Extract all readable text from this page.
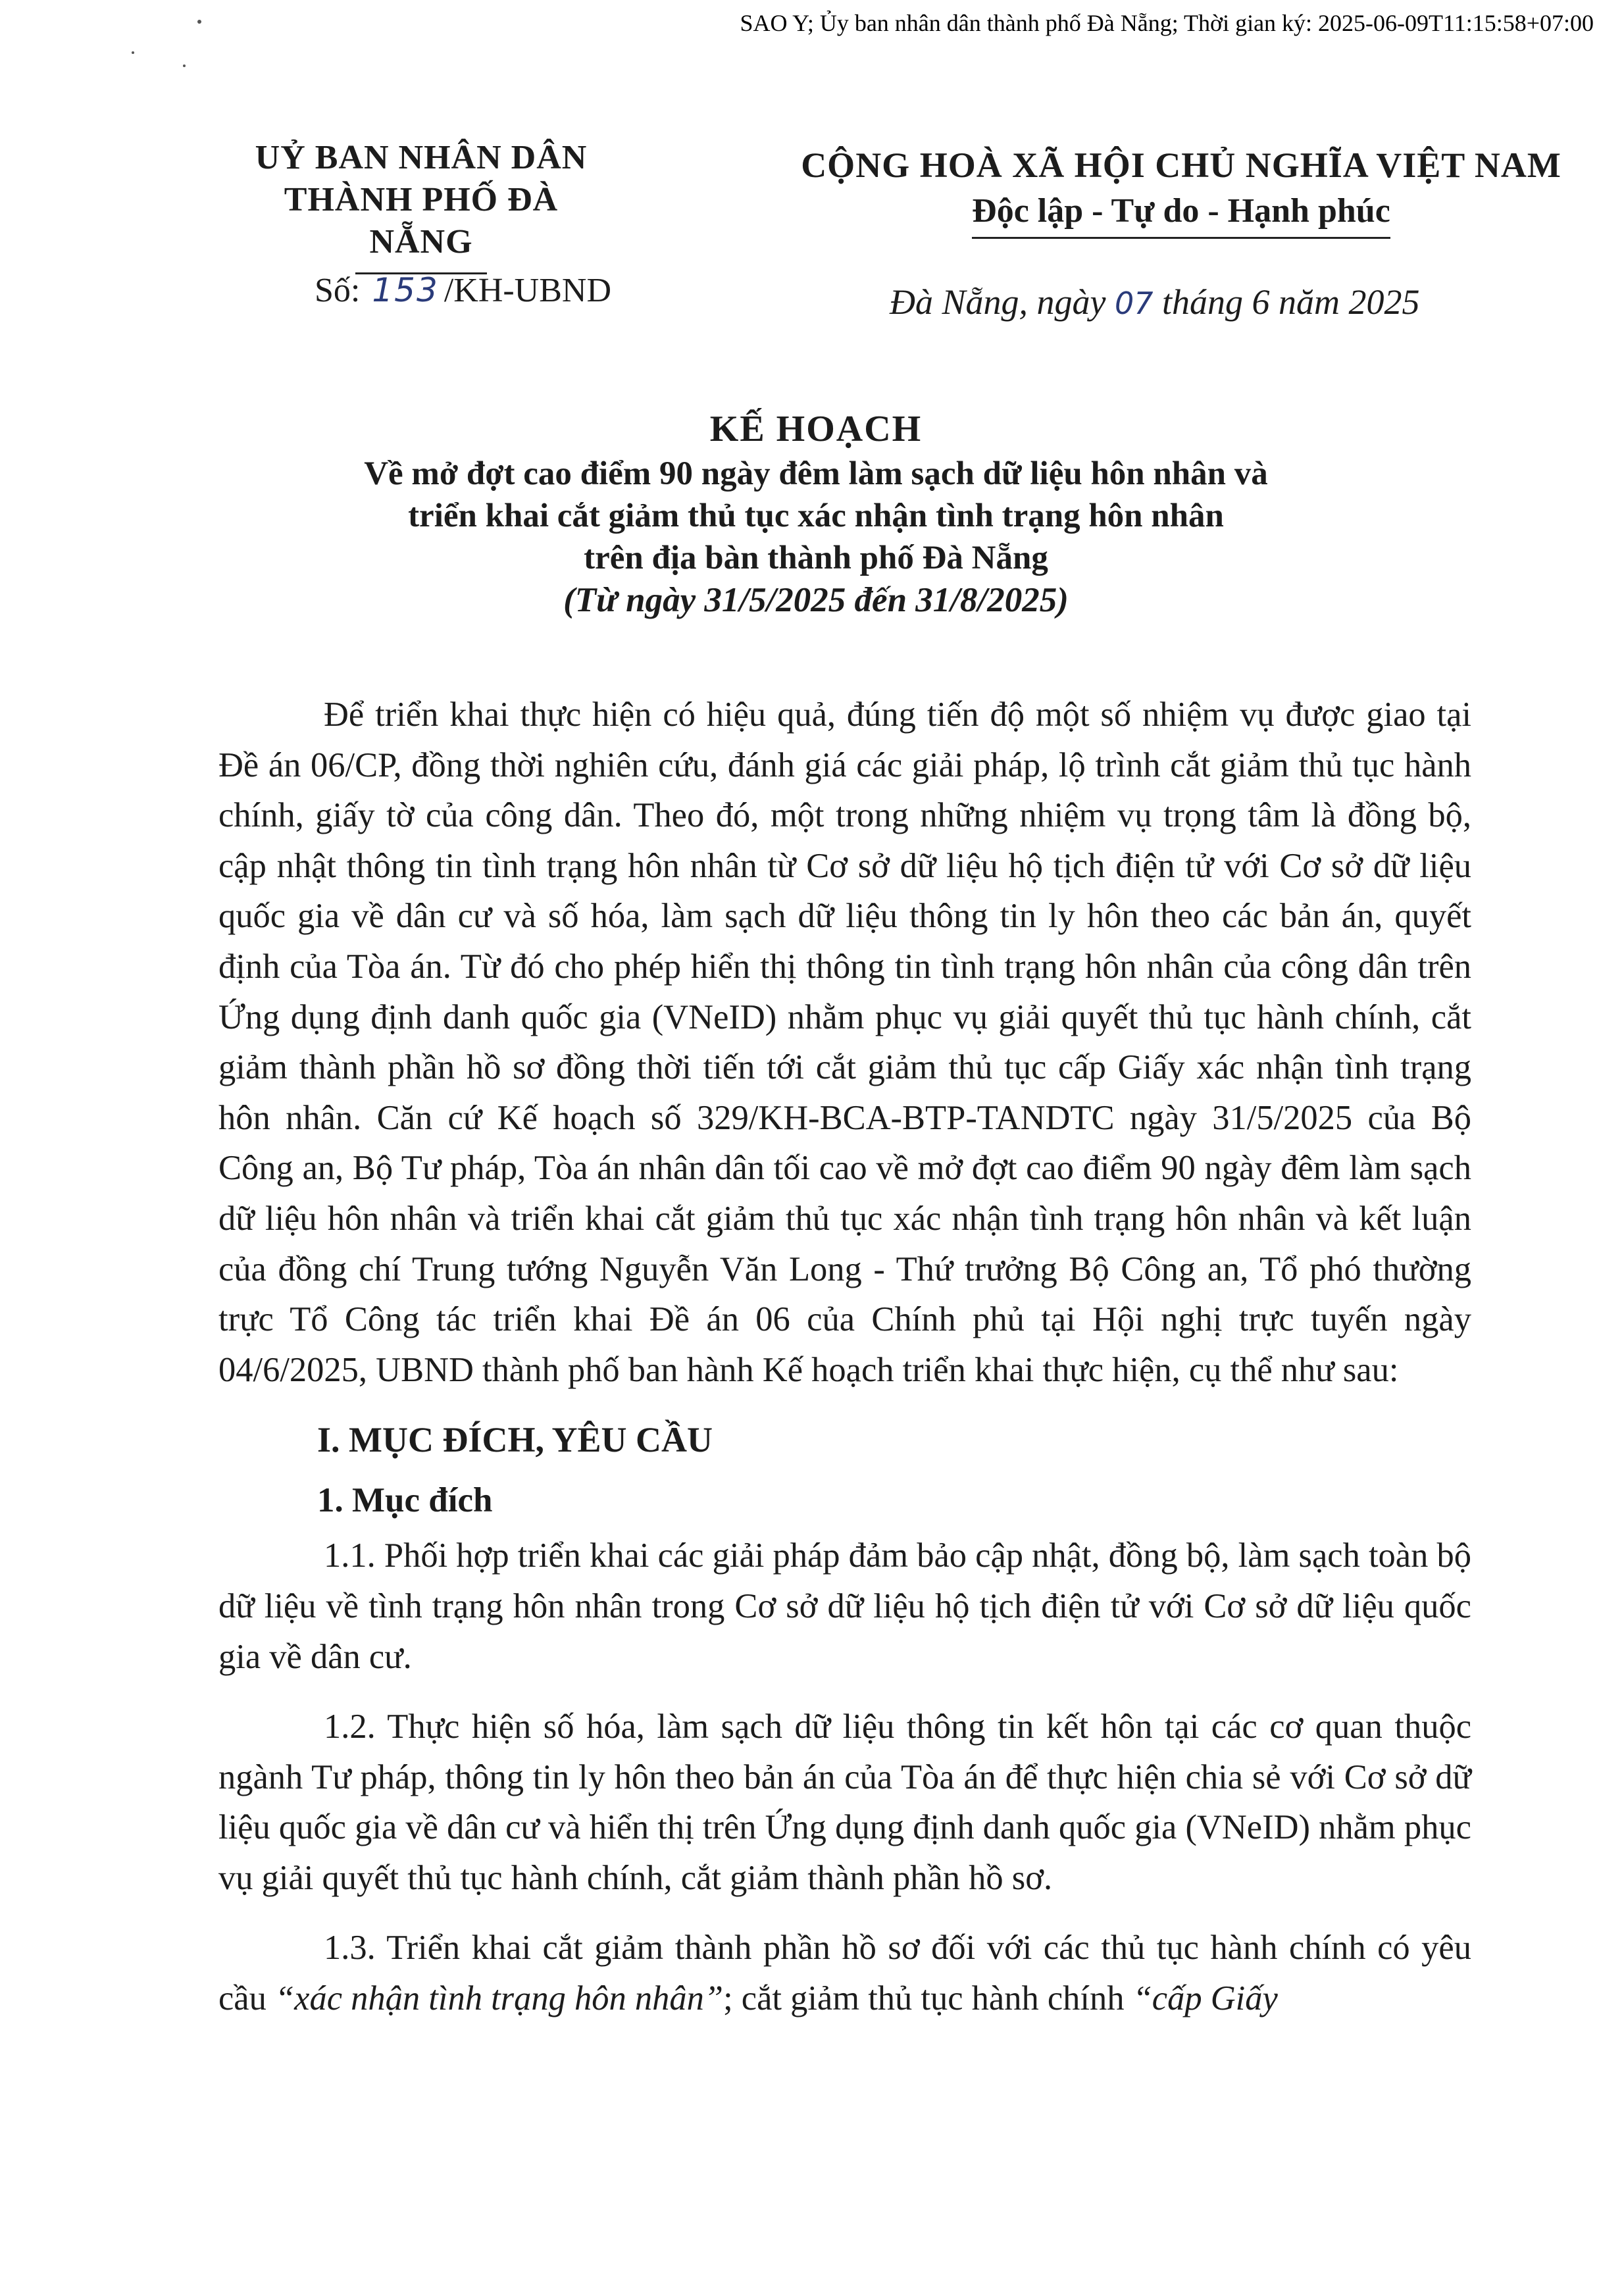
SAO Y; Ủy ban nhân dân thành phố Đà Nẵng; Thời gian ký: 2025-06-09T11:15:58+07:00
UỶ BAN NHÂN DÂN
THÀNH PHỐ ĐÀ NẴNG
CỘNG HOÀ XÃ HỘI CHỦ NGHĨA VIỆT NAM
Độc lập - Tự do - Hạnh phúc
Số: 153 /KH-UBND	Đà Nẵng, ngày 07 tháng 6 năm 2025
KẾ HOẠCH
Về mở đợt cao điểm 90 ngày đêm làm sạch dữ liệu hôn nhân và
triển khai cắt giảm thủ tục xác nhận tình trạng hôn nhân
trên địa bàn thành phố Đà Nẵng
(Từ ngày 31/5/2025 đến 31/8/2025)

Để triển khai thực hiện có hiệu quả, đúng tiến độ một số nhiệm vụ được giao tại Đề án 06/CP, đồng thời nghiên cứu, đánh giá các giải pháp, lộ trình cắt giảm thủ tục hành chính, giấy tờ của công dân. Theo đó, một trong những nhiệm vụ trọng tâm là đồng bộ, cập nhật thông tin tình trạng hôn nhân từ Cơ sở dữ liệu hộ tịch điện tử với Cơ sở dữ liệu quốc gia về dân cư và số hóa, làm sạch dữ liệu thông tin ly hôn theo các bản án, quyết định của Tòa án. Từ đó cho phép hiển thị thông tin tình trạng hôn nhân của công dân trên Ứng dụng định danh quốc gia (VNeID) nhằm phục vụ giải quyết thủ tục hành chính, cắt giảm thành phần hồ sơ đồng thời tiến tới cắt giảm thủ tục cấp Giấy xác nhận tình trạng hôn nhân. Căn cứ Kế hoạch số 329/KH-BCA-BTP-TANDTC ngày 31/5/2025 của Bộ Công an, Bộ Tư pháp, Tòa án nhân dân tối cao về mở đợt cao điểm 90 ngày đêm làm sạch dữ liệu hôn nhân và triển khai cắt giảm thủ tục xác nhận tình trạng hôn nhân và kết luận của đồng chí Trung tướng Nguyễn Văn Long - Thứ trưởng Bộ Công an, Tổ phó thường trực Tổ Công tác triển khai Đề án 06 của Chính phủ tại Hội nghị trực tuyến ngày 04/6/2025, UBND thành phố ban hành Kế hoạch triển khai thực hiện, cụ thể như sau:

I. MỤC ĐÍCH, YÊU CẦU

1. Mục đích

1.1. Phối hợp triển khai các giải pháp đảm bảo cập nhật, đồng bộ, làm sạch toàn bộ dữ liệu về tình trạng hôn nhân trong Cơ sở dữ liệu hộ tịch điện tử với Cơ sở dữ liệu quốc gia về dân cư.

1.2. Thực hiện số hóa, làm sạch dữ liệu thông tin kết hôn tại các cơ quan thuộc ngành Tư pháp, thông tin ly hôn theo bản án của Tòa án để thực hiện chia sẻ với Cơ sở dữ liệu quốc gia về dân cư và hiển thị trên Ứng dụng định danh quốc gia (VNeID) nhằm phục vụ giải quyết thủ tục hành chính, cắt giảm thành phần hồ sơ.

1.3. Triển khai cắt giảm thành phần hồ sơ đối với các thủ tục hành chính có yêu cầu “xác nhận tình trạng hôn nhân”; cắt giảm thủ tục hành chính “cấp Giấy
